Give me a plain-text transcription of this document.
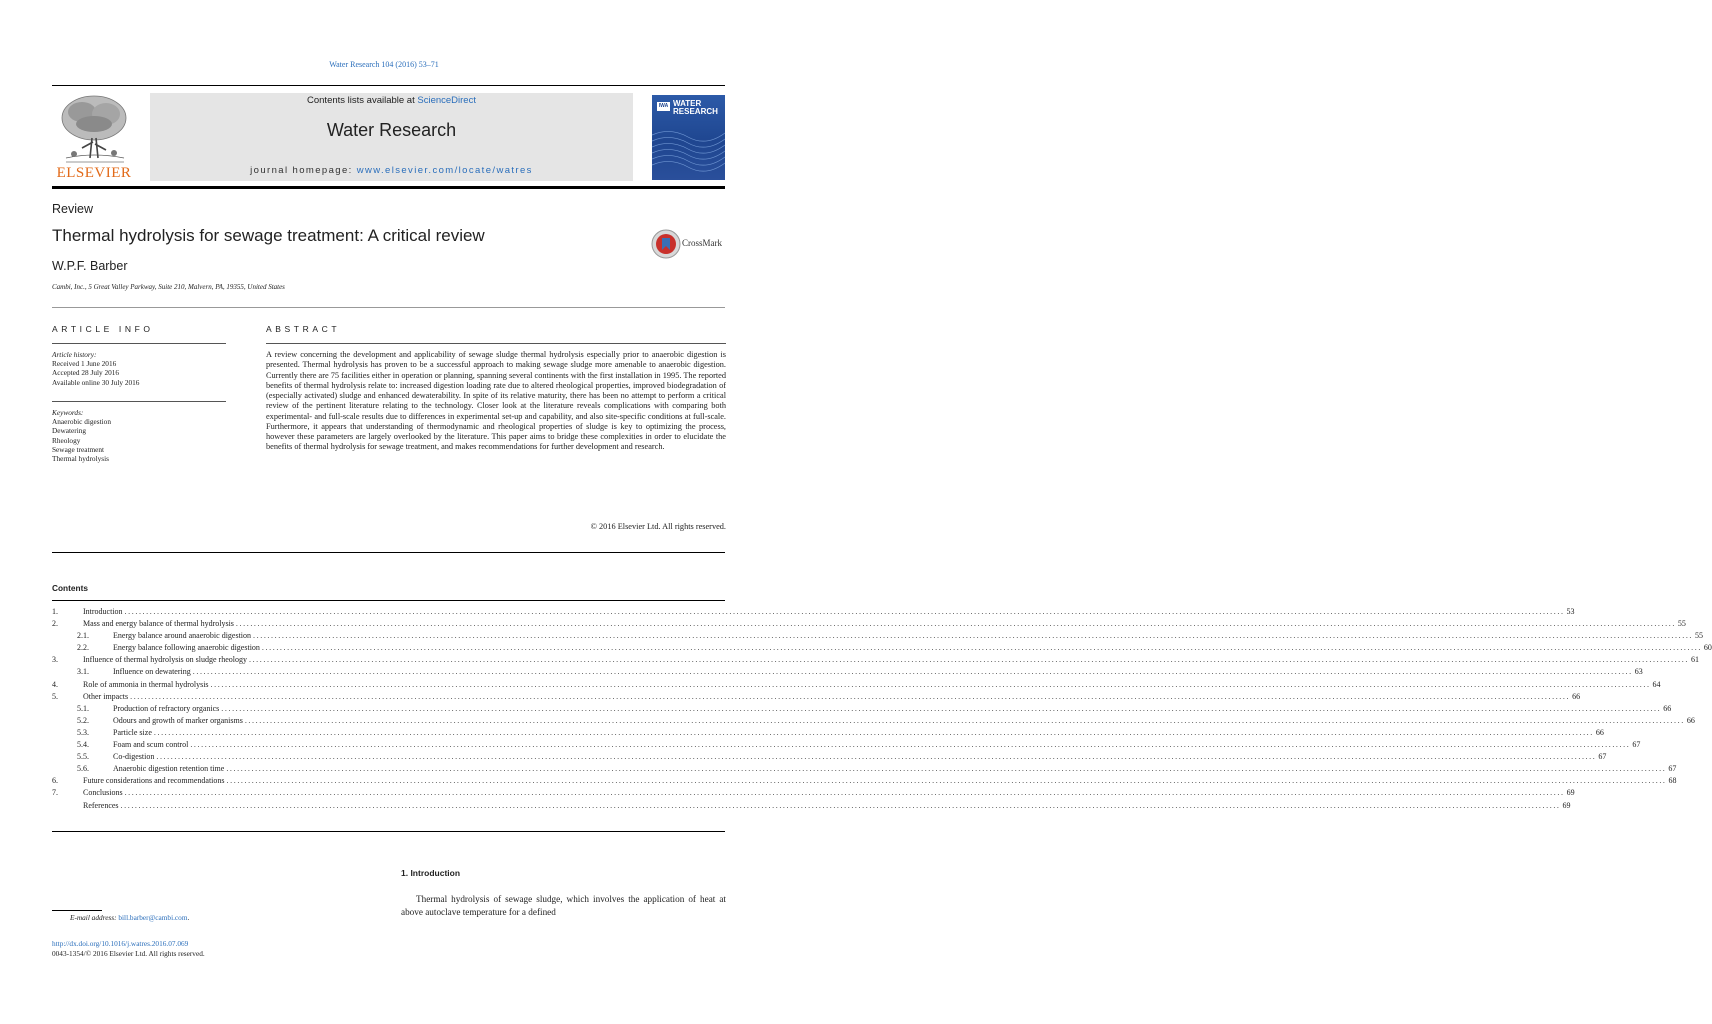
Water Research 104 (2016) 53–71
ELSEVIER
Contents lists available at ScienceDirect
Water Research
journal homepage: www.elsevier.com/locate/watres
IWA WATER RESEARCH
Review
Thermal hydrolysis for sewage treatment: A critical review	CrossMark
W.P.F. Barber
Cambi, Inc., 5 Great Valley Parkway, Suite 210, Malvern, PA, 19355, United States
ARTICLE INFO
Article history:
Received 1 June 2016
Accepted 28 July 2016
Available online 30 July 2016
Keywords:
Anaerobic digestion
Dewatering
Rheology
Sewage treatment
Thermal hydrolysis
ABSTRACT
A review concerning the development and applicability of sewage sludge thermal hydrolysis especially prior to anaerobic digestion is presented. Thermal hydrolysis has proven to be a successful approach to making sewage sludge more amenable to anaerobic digestion. Currently there are 75 facilities either in operation or planning, spanning several continents with the first installation in 1995. The reported benefits of thermal hydrolysis relate to: increased digestion loading rate due to altered rheological properties, improved biodegradation of (especially activated) sludge and enhanced dewaterability. In spite of its relative maturity, there has been no attempt to perform a critical review of the pertinent literature relating to the technology. Closer look at the literature reveals complications with comparing both experimental- and full-scale results due to differences in experimental set-up and capability, and also site-specific conditions at full-scale. Furthermore, it appears that understanding of thermodynamic and rheological properties of sludge is key to optimizing the process, however these parameters are largely overlooked by the literature. This paper aims to bridge these complexities in order to elucidate the benefits of thermal hydrolysis for sewage treatment, and makes recommendations for further development and research.
© 2016 Elsevier Ltd. All rights reserved.
Contents
1.	Introduction ................................................................................................................................................................................................................................................................................................................................................................................................................ 53
2.	Mass and energy balance of thermal hydrolysis ................................................................................................................................................................................................................................................................................................................................................................................................................ 55
2.1.	Energy balance around anaerobic digestion ................................................................................................................................................................................................................................................................................................................................................................................................................ 55
2.2.	Energy balance following anaerobic digestion ................................................................................................................................................................................................................................................................................................................................................................................................................ 60
3.	Influence of thermal hydrolysis on sludge rheology ................................................................................................................................................................................................................................................................................................................................................................................................................ 61
3.1.	Influence on dewatering ................................................................................................................................................................................................................................................................................................................................................................................................................ 63
4.	Role of ammonia in thermal hydrolysis ................................................................................................................................................................................................................................................................................................................................................................................................................ 64
5.	Other impacts ................................................................................................................................................................................................................................................................................................................................................................................................................ 66
5.1.	Production of refractory organics ................................................................................................................................................................................................................................................................................................................................................................................................................ 66
5.2.	Odours and growth of marker organisms ................................................................................................................................................................................................................................................................................................................................................................................................................ 66
5.3.	Particle size ................................................................................................................................................................................................................................................................................................................................................................................................................ 66
5.4.	Foam and scum control ................................................................................................................................................................................................................................................................................................................................................................................................................ 67
5.5.	Co-digestion ................................................................................................................................................................................................................................................................................................................................................................................................................ 67
5.6.	Anaerobic digestion retention time ................................................................................................................................................................................................................................................................................................................................................................................................................ 67
6.	Future considerations and recommendations ................................................................................................................................................................................................................................................................................................................................................................................................................ 68
7.	Conclusions ................................................................................................................................................................................................................................................................................................................................................................................................................ 69
References ................................................................................................................................................................................................................................................................................................................................................................................................................ 69
1. Introduction
Thermal hydrolysis of sewage sludge, which involves the application of heat at above autoclave temperature for a defined
E-mail address: bill.barber@cambi.com.
http://dx.doi.org/10.1016/j.watres.2016.07.069
0043-1354/© 2016 Elsevier Ltd. All rights reserved.
